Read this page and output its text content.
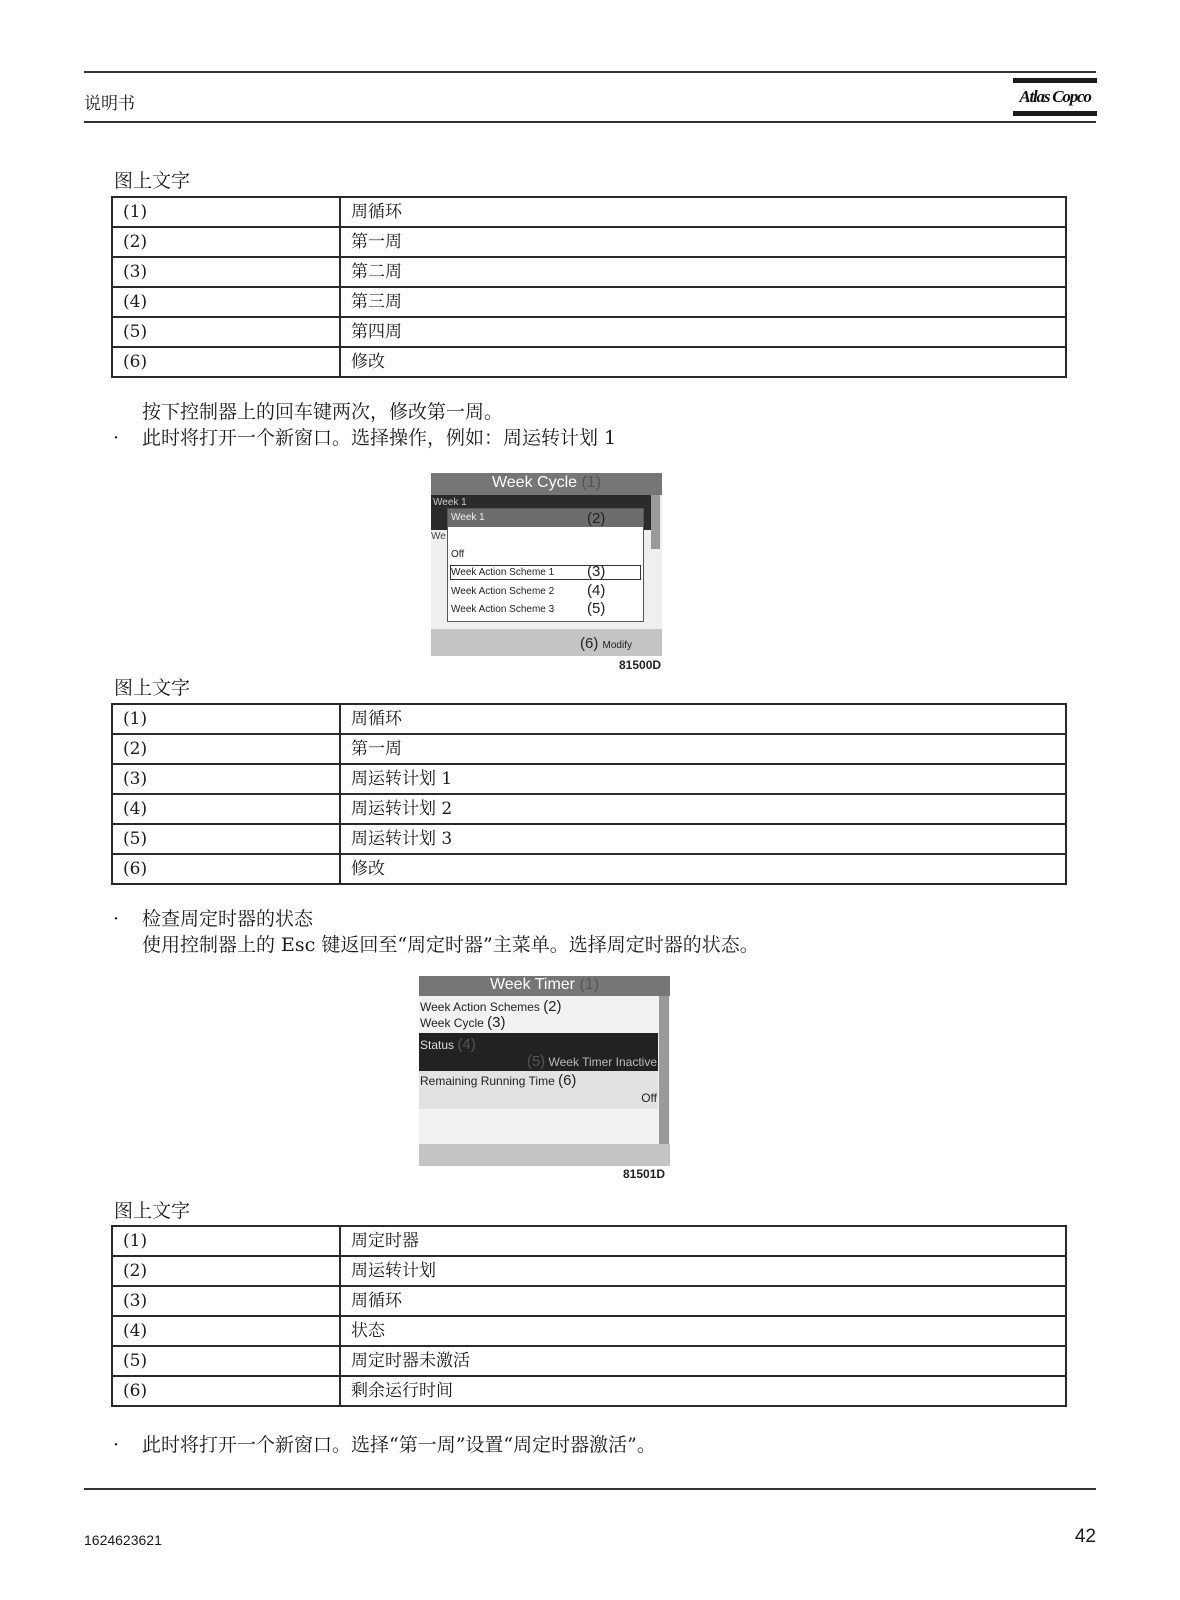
说明书	Atlas Copco
图上文字
(1)	周循环
(2)	第一周
(3)	第二周
(4)	第三周
(5)	第四周
(6)	修改
按下控制器上的回车键两次，修改第一周。
· 此时将打开一个新窗口。选择操作，例如：周运转计划 1
Week Cycle (1)
Week 1
We
Week 1	(2)
Off
Week Action Scheme 1 (3)
Week Action Scheme 2 (4)
Week Action Scheme 3 (5)
(6) Modify
81500D
图上文字
(1)	周循环
(2)	第一周
(3)	周运转计划 1
(4)	周运转计划 2
(5)	周运转计划 3
(6)	修改
· 检查周定时器的状态
使用控制器上的 Esc 键返回至“周定时器”主菜单。选择周定时器的状态。
Week Timer (1)
Week Action Schemes (2)
Week Cycle (3)
Status (4)
(5) Week Timer Inactive
Remaining Running Time (6)
Off
81501D
图上文字
(1)	周定时器
(2)	周运转计划
(3)	周循环
(4)	状态
(5)	周定时器未激活
(6)	剩余运行时间
· 此时将打开一个新窗口。选择“第一周”设置“周定时器激活”。
1624623621	42
